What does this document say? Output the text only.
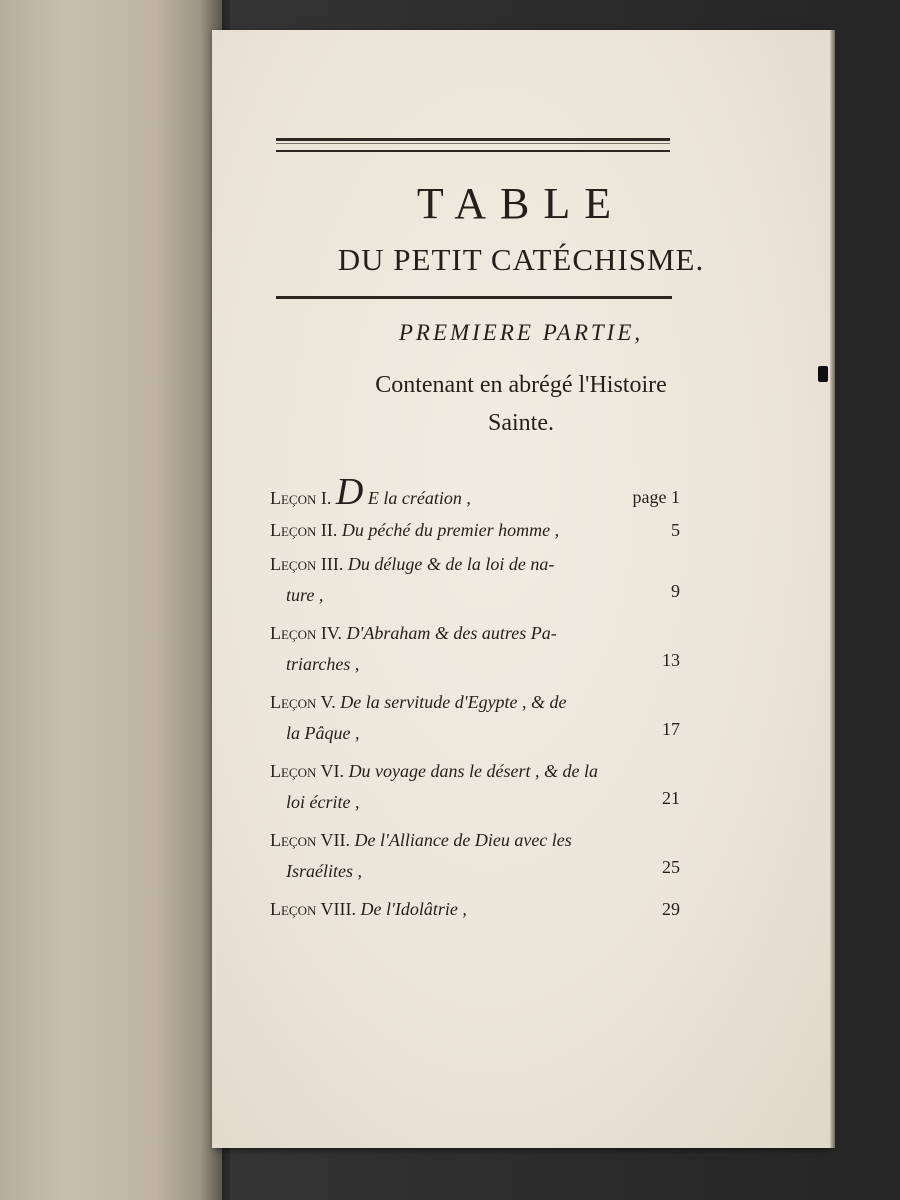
TABLE
DU PETIT CATÉCHISME.
PREMIERE PARTIE,
Contenant en abrégé l'Histoire
Sainte.
Leçon I. D E la création ,	page 1
Leçon II. Du péché du premier homme ,	5
Leçon III. Du déluge & de la loi de na-
ture ,	9
Leçon IV. D'Abraham & des autres Pa-
triarches ,	13
Leçon V. De la servitude d'Egypte , & de
la Pâque ,	17
Leçon VI. Du voyage dans le désert , & de la
loi écrite ,	21
Leçon VII. De l'Alliance de Dieu avec les
Israélites ,	25
Leçon VIII. De l'Idolâtrie ,	29
